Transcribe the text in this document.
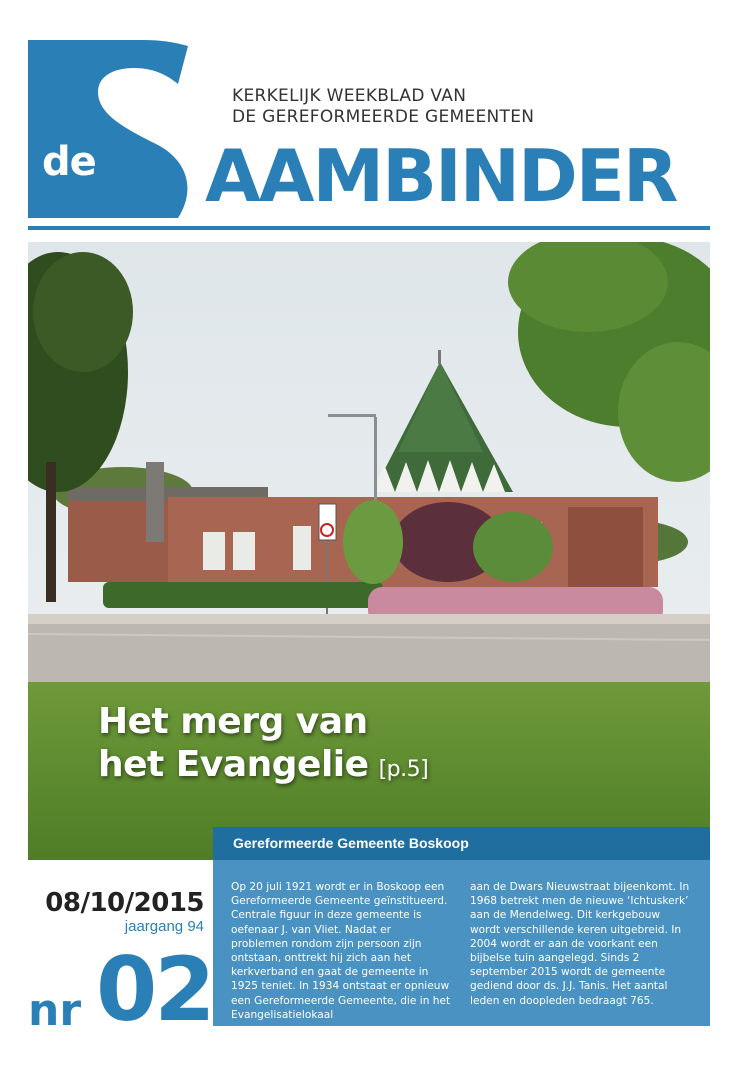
de
KERKELIJK WEEKBLAD VAN
DE GEREFORMEERDE GEMEENTEN
AAMBINDER
Het merg van
het Evangelie [p.5]
Gereformeerde Gemeente Boskoop
Op 20 juli 1921 wordt er in Boskoop een Gereformeerde Gemeente geïnstitueerd. Centrale figuur in deze gemeente is oefenaar J. van Vliet. Nadat er problemen rondom zijn persoon zijn ontstaan, onttrekt hij zich aan het kerkverband en gaat de gemeente in 1925 teniet. In 1934 ontstaat er opnieuw een Gereformeerde Gemeente, die in het Evangelisatielokaal
aan de Dwars Nieuwstraat bijeenkomt. In 1968 betrekt men de nieuwe ‘Ichtuskerk’ aan de Mendelweg. Dit kerkgebouw wordt verschillende keren uitgebreid. In 2004 wordt er aan de voorkant een bijbelse tuin aangelegd. Sinds 2 september 2015 wordt de gemeente gediend door ds. J.J. Tanis. Het aantal leden en doopleden bedraagt 765.
08/10/2015
jaargang 94
nr 02
